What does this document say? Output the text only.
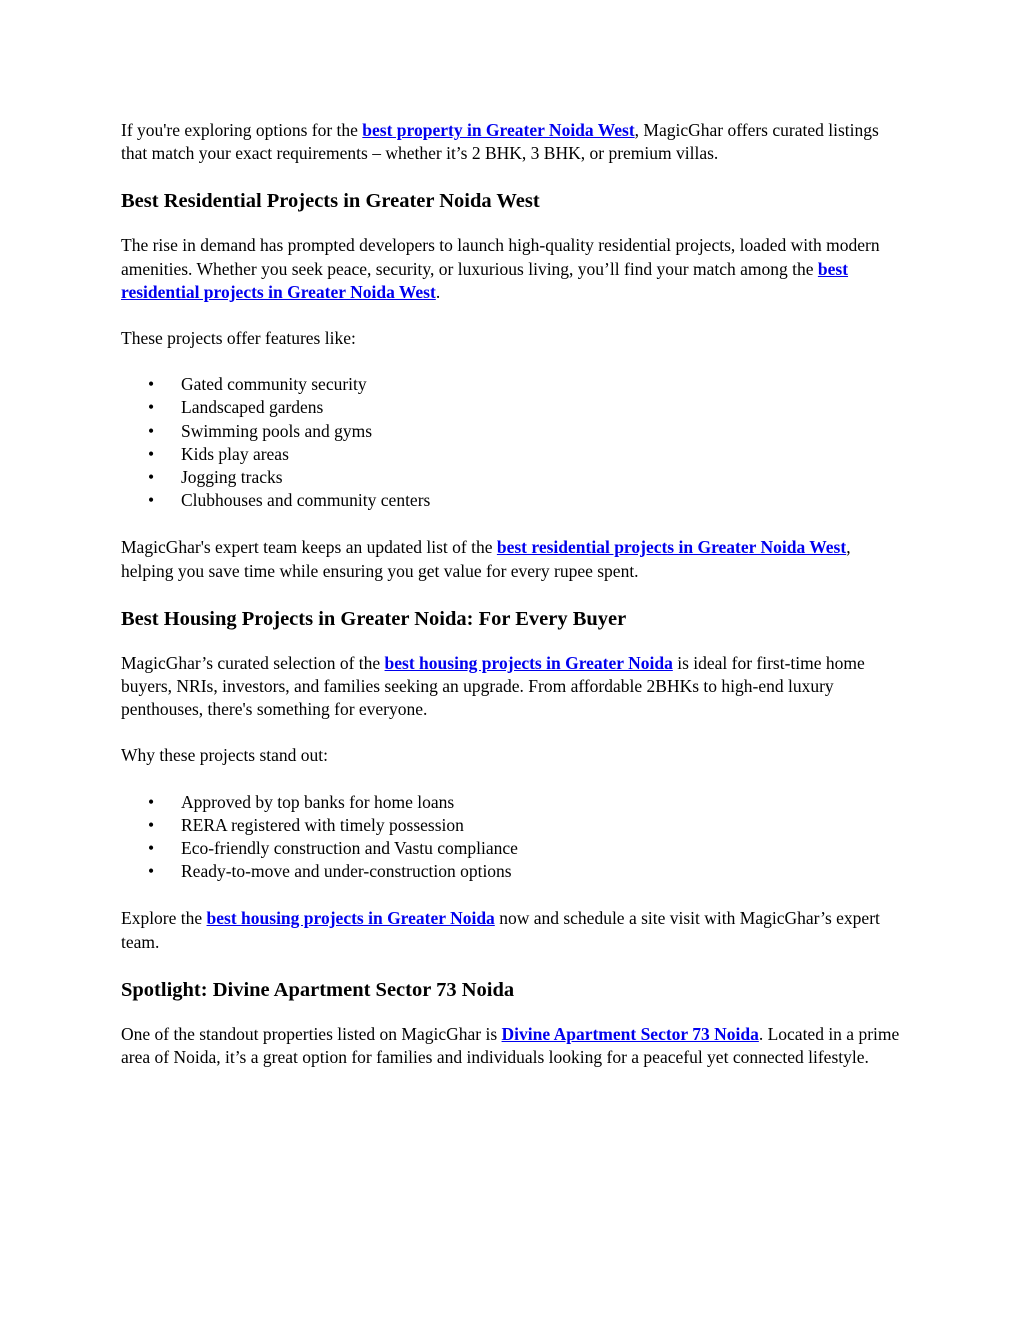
If you're exploring options for the best property in Greater Noida West, MagicGhar offers curated listings that match your exact requirements – whether it’s 2 BHK, 3 BHK, or premium villas.

Best Residential Projects in Greater Noida West

The rise in demand has prompted developers to launch high-quality residential projects, loaded with modern amenities. Whether you seek peace, security, or luxurious living, you’ll find your match among the best residential projects in Greater Noida West.

These projects offer features like:

• Gated community security
• Landscaped gardens
• Swimming pools and gyms
• Kids play areas
• Jogging tracks
• Clubhouses and community centers

MagicGhar's expert team keeps an updated list of the best residential projects in Greater Noida West, helping you save time while ensuring you get value for every rupee spent.

Best Housing Projects in Greater Noida: For Every Buyer

MagicGhar’s curated selection of the best housing projects in Greater Noida is ideal for first-time home buyers, NRIs, investors, and families seeking an upgrade. From affordable 2BHKs to high-end luxury penthouses, there's something for everyone.

Why these projects stand out:

• Approved by top banks for home loans
• RERA registered with timely possession
• Eco-friendly construction and Vastu compliance
• Ready-to-move and under-construction options

Explore the best housing projects in Greater Noida now and schedule a site visit with MagicGhar’s expert team.

Spotlight: Divine Apartment Sector 73 Noida

One of the standout properties listed on MagicGhar is Divine Apartment Sector 73 Noida. Located in a prime area of Noida, it’s a great option for families and individuals looking for a peaceful yet connected lifestyle.
